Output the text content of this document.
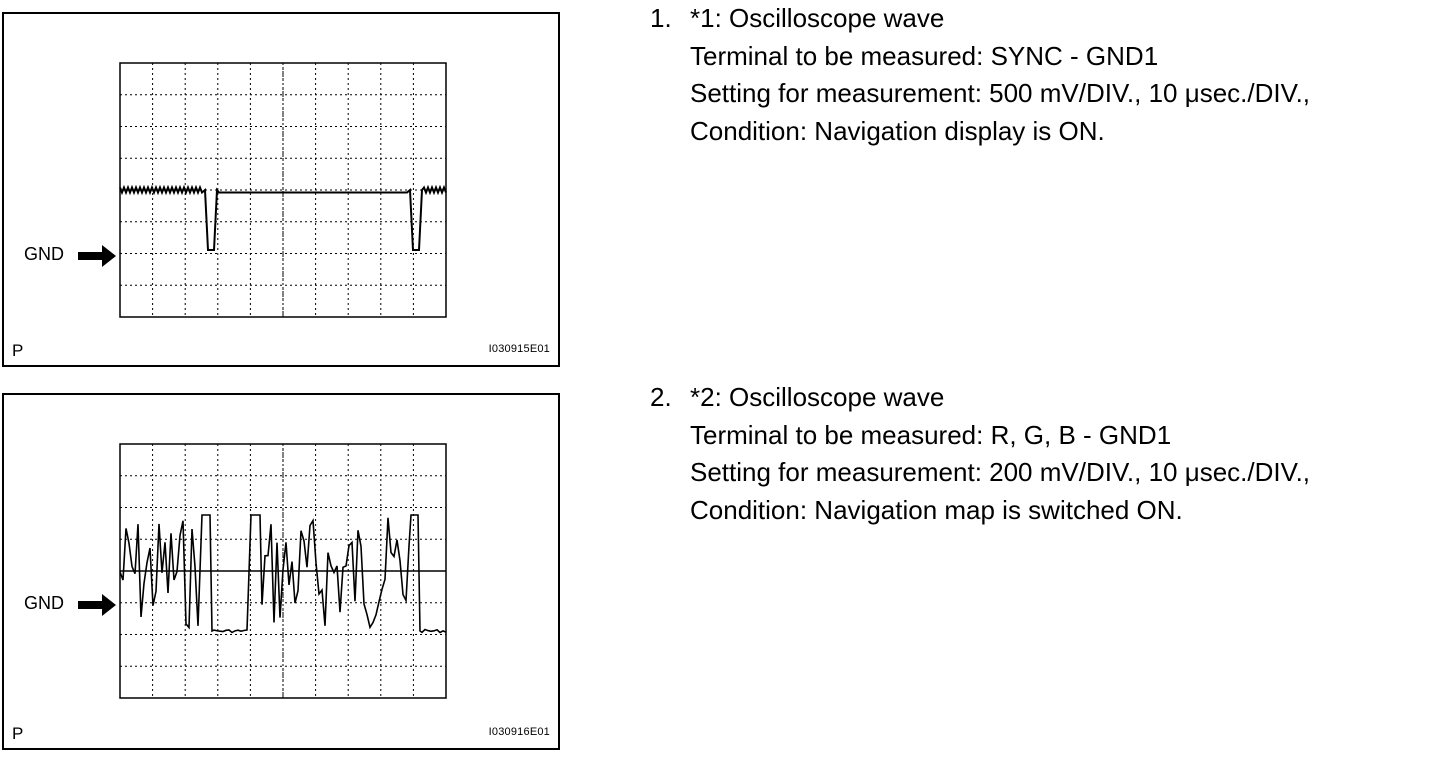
GND
P	I030915E01
GND
P	I030916E01
1. *1: Oscilloscope wave
Terminal to be measured: SYNC - GND1
Setting for measurement: 500 mV/DIV., 10 μsec./DIV.,
Condition: Navigation display is ON.
2. *2: Oscilloscope wave
Terminal to be measured: R, G, B - GND1
Setting for measurement: 200 mV/DIV., 10 μsec./DIV.,
Condition: Navigation map is switched ON.
